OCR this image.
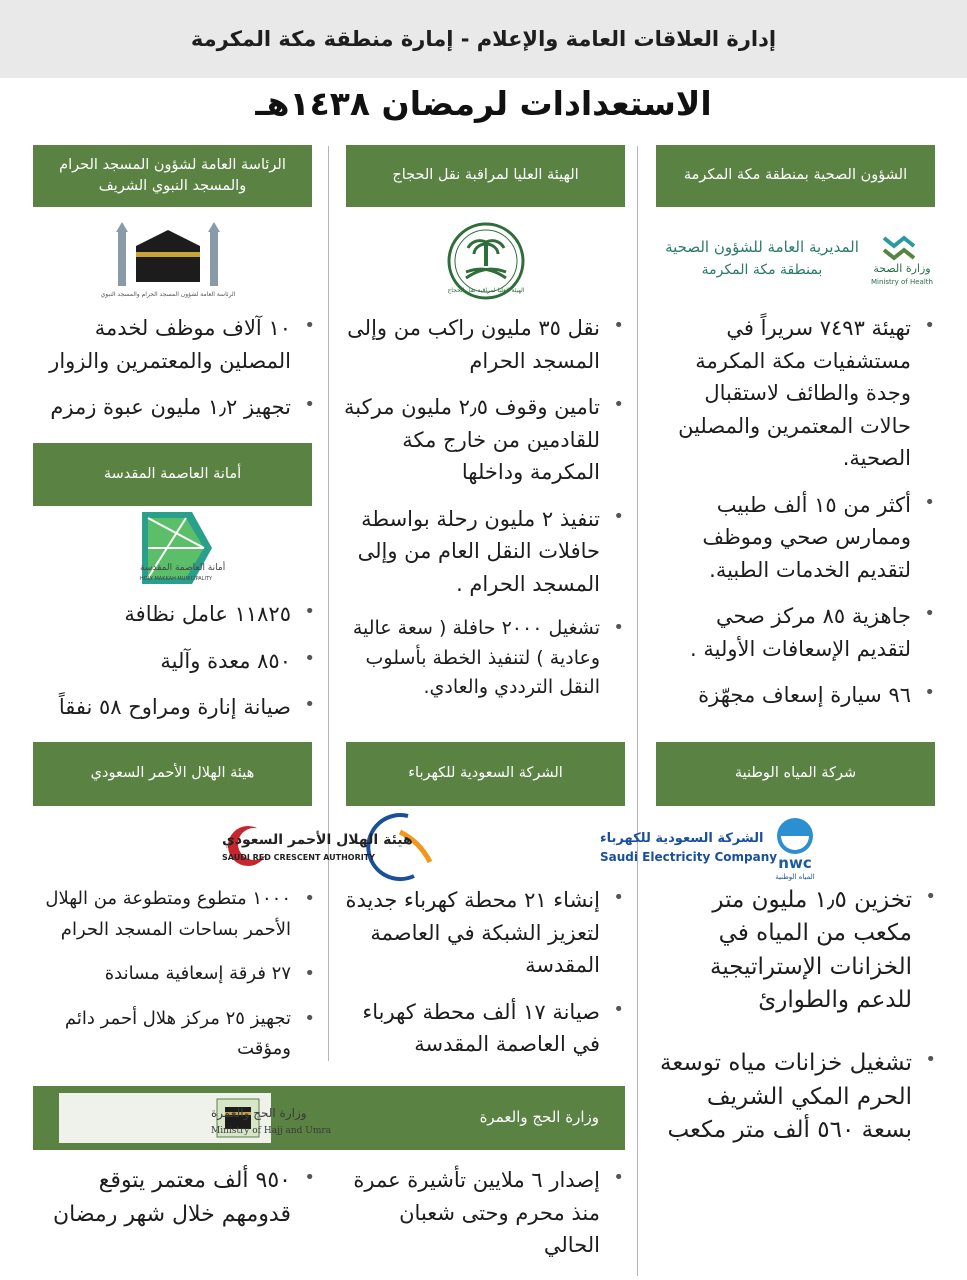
إدارة العلاقات العامة والإعلام - إمارة منطقة مكة المكرمة
الاستعدادات لرمضان ١٤٣٨هـ
الشؤون الصحية بمنطقة مكة المكرمة
وزارة الصحة
Ministry of Health
المديرية العامة للشؤون الصحية
بمنطقة مكة المكرمة
• تهيئة ٧٤٩٣ سريراً في مستشفيات مكة المكرمة وجدة والطائف لاستقبال حالات المعتمرين والمصلين الصحية.
• أكثر من ١٥ ألف طبيب وممارس صحي وموظف لتقديم الخدمات الطبية.
• جاهزية ٨٥ مركز صحي لتقديم الإسعافات الأولية .
• ٩٦ سيارة إسعاف مجهّزة
شركة المياه الوطنية
nwc
المياه الوطنية
• تخزين ١٫٥ مليون متر مكعب من المياه في الخزانات الإستراتيجية للدعم والطوارئ
• تشغيل خزانات مياه توسعة الحرم المكي الشريف بسعة ٥٦٠ ألف متر مكعب
الهيئة العليا لمراقبة نقل الحجاج
الهيئة العليا لمراقبة نقل الحجاج
• نقل ٣٥ مليون راكب من وإلى المسجد الحرام
• تامين وقوف ٢٫٥ مليون مركبة للقادمين من خارج مكة المكرمة وداخلها
• تنفيذ ٢ مليون رحلة بواسطة حافلات النقل العام من وإلى المسجد الحرام .
• تشغيل ٢٠٠٠ حافلة ( سعة عالية وعادية ) لتنفيذ الخطة بأسلوب النقل الترددي والعادي.
الشركة السعودية للكهرباء
الشركة السعودية للكهرباء
Saudi Electricity Company
• إنشاء ٢١ محطة كهرباء جديدة لتعزيز الشبكة في العاصمة المقدسة
• صيانة ١٧ ألف محطة كهرباء في العاصمة المقدسة
الرئاسة العامة لشؤون المسجد الحرام والمسجد النبوي الشريف
الرئاسة العامة لشؤون المسجد الحرام والمسجد النبوي
• ١٠ آلاف موظف لخدمة المصلين والمعتمرين والزوار
• تجهيز ١٫٢ مليون عبوة زمزم
أمانة العاصمة المقدسة
أمانة العاصمة المقدسة
HOLY MAKKAH MUNICIPALITY
• ١١٨٢٥ عامل نظافة
• ٨٥٠ معدة وآلية
• صيانة إنارة ومراوح ٥٨ نفقاً
هيئة الهلال الأحمر السعودي
هيئة الهلال الأحمر السعودي
SAUDI RED CRESCENT AUTHORITY
• ١٠٠٠ متطوع ومتطوعة من الهلال الأحمر بساحات المسجد الحرام
• ٢٧ فرقة إسعافية مساندة
• تجهيز ٢٥ مركز هلال أحمر دائم ومؤقت
وزارة الحج والعمرة
وزارة الحج والعمرة
Ministry of Hajj and Umra
• إصدار ٦ ملايين تأشيرة عمرة منذ محرم وحتى شعبان الحالي
• ٩٥٠ ألف معتمر يتوقع قدومهم خلال شهر رمضان
